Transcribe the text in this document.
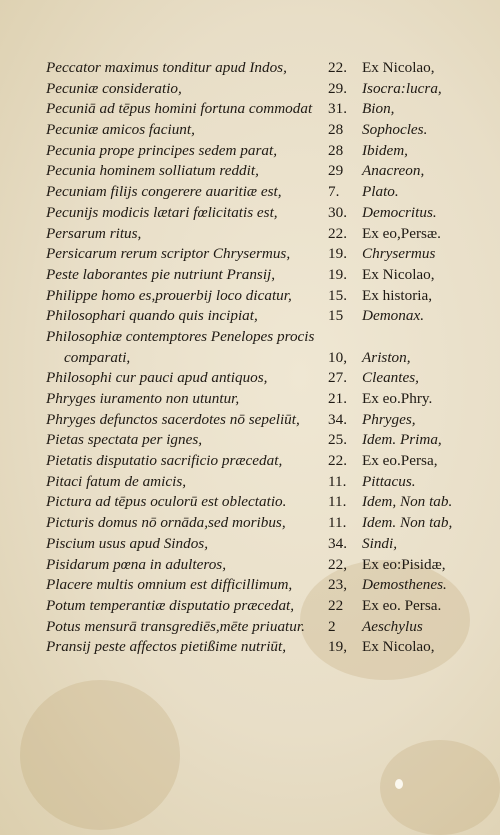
Peccator maximus tonditur apud Indos,	22. Ex Nicolao,
Pecuniæ consideratio,	29. Isocra:lucra,
Pecuniā ad tēpus homini fortuna commodat 31. Bion,
Pecuniæ amicos faciunt,	28 Sophocles.
Pecunia prope principes sedem parat,	28 Ibidem,
Pecunia hominem solliatum reddit,	29 Anacreon,
Pecuniam filijs congerere auaritiæ est,	7. Plato.
Pecunijs modicis lætari fœlicitatis est,	30. Democritus.
Persarum ritus,	22. Ex eo,Persæ.
Persicarum rerum scriptor Chrysermus, 19. Chrysermus
Peste laborantes pie nutriunt Pransij,	19. Ex Nicolao,
Philippe homo es,prouerbij loco dicatur, 15. Ex historia,
Philosophari quando quis incipiat,	15 Demonax.
Philosophiæ contemptores Penelopes procis
comparati,	10, Ariston,
Philosophi cur pauci apud antiquos,	27. Cleantes,
Phryges iuramento non utuntur,	21. Ex eo.Phry.
Phryges defunctos sacerdotes nō sepeliūt, 34. Phryges,
Pietas spectata per ignes,	25. Idem. Prima,
Pietatis disputatio sacrificio præcedat,	22. Ex eo.Persa,
Pitaci fatum de amicis,	11. Pittacus.
Pictura ad tēpus oculorū est oblectatio.	11. Idem, Non tab.
Picturis domus nō ornāda,sed moribus,	11. Idem. Non tab,
Piscium usus apud Sindos,	34. Sindi,
Pisidarum pœna in adulteros,	22, Ex eo:Pisidæ,
Placere multis omnium est difficillimum, 23, Demosthenes.
Potum temperantiæ disputatio præcedat, 22 Ex eo. Persa.
Potus mensurā transgrediēs,mēte priuatur. 2 Aeschylus
Pransij peste affectos pietißime nutriūt,	19, Ex Nicolao,
